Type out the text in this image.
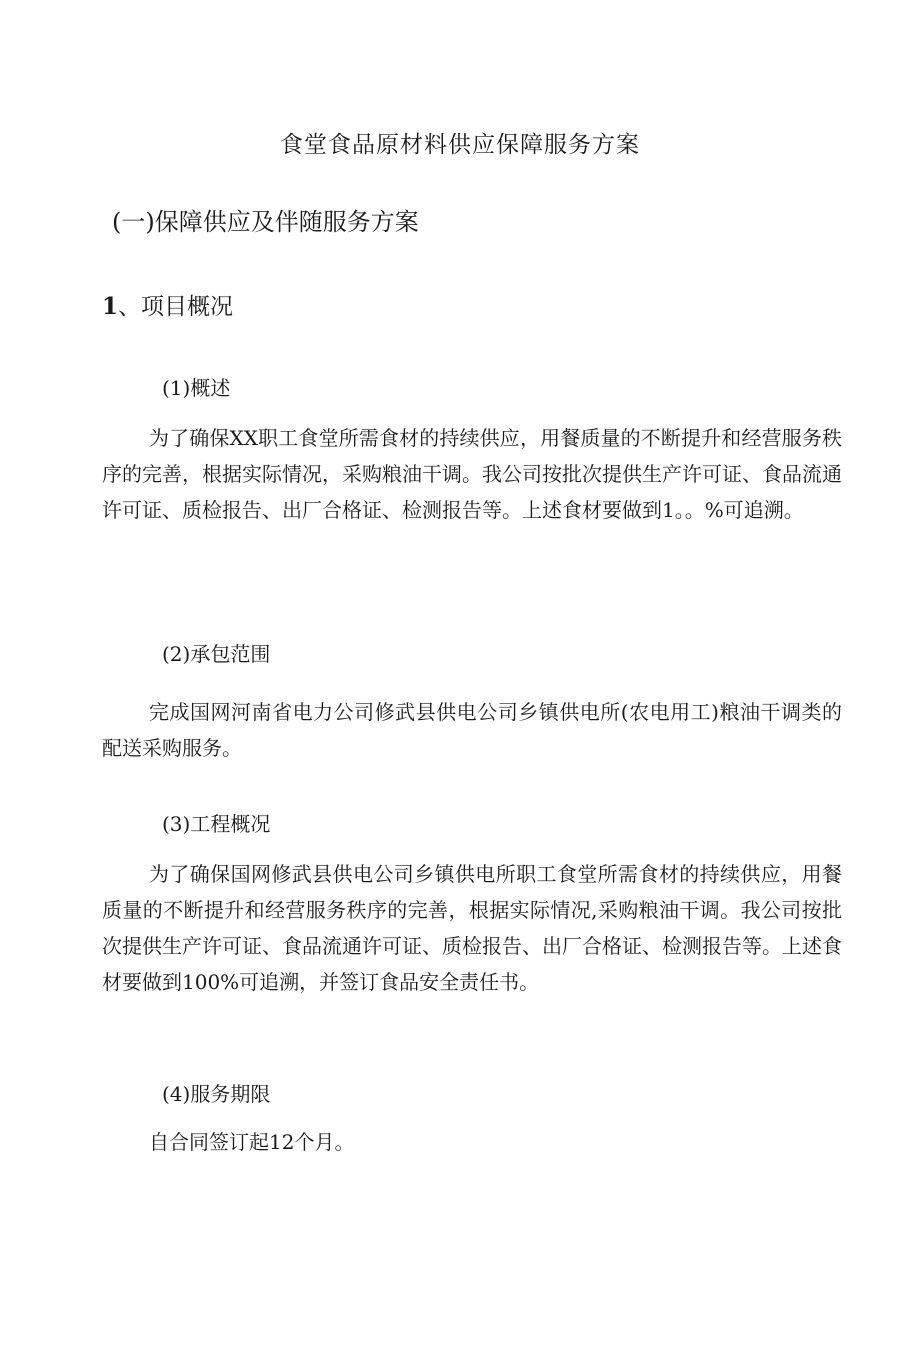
食堂食品原材料供应保障服务方案
(一)保障供应及伴随服务方案
1、项目概况
(1)概述

为了确保XX职工食堂所需食材的持续供应，用餐质量的不断提升和经营服务秩序的完善，根据实际情况，采购粮油干调。我公司按批次提供生产许可证、食品流通许可证、质检报告、出厂合格证、检测报告等。上述食材要做到1。。%可追溯。

(2)承包范围

完成国网河南省电力公司修武县供电公司乡镇供电所(农电用工)粮油干调类的配送采购服务。

(3)工程概况

为了确保国网修武县供电公司乡镇供电所职工食堂所需食材的持续供应，用餐质量的不断提升和经营服务秩序的完善，根据实际情况,采购粮油干调。我公司按批次提供生产许可证、食品流通许可证、质检报告、出厂合格证、检测报告等。上述食材要做到100%可追溯，并签订食品安全责任书。

(4)服务期限

自合同签订起12个月。
